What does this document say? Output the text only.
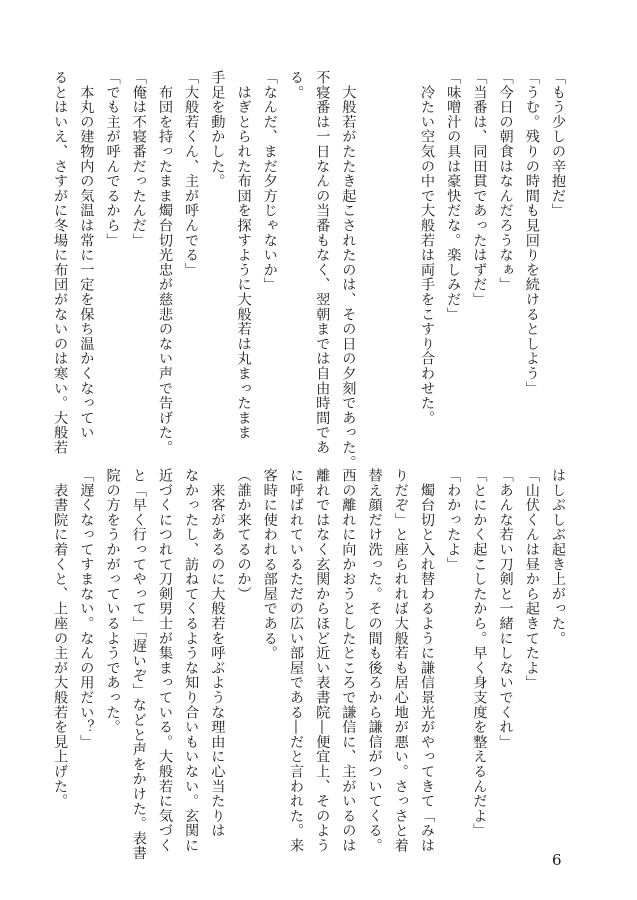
「もう少しの辛抱だ」
「うむ。残りの時間も見回りを続けるとしよう」
「今日の朝食はなんだろうなぁ」
「当番は、同田貫であったはずだ」
「味噌汁の具は豪快だな。楽しみだ」
　冷たい空気の中で大般若は両手をこすり合わせた。

　大般若がたたき起こされたのは、その日の夕刻であった。
不寝番は一日なんの当番もなく、翌朝までは自由時間であ
る。
「なんだ、まだ夕方じゃないか」
　はぎとられた布団を探すように大般若は丸まったまま
手足を動かした。
「大般若くん、主が呼んでる」
　布団を持ったまま燭台切光忠が慈悲のない声で告げた。
「俺は不寝番だったんだ」
「でも主が呼んでるから」
　本丸の建物内の気温は常に一定を保ち温かくなってい
るとはいえ、さすがに冬場に布団がないのは寒い。大般若
はしぶしぶ起き上がった。
「山伏くんは昼から起きてたよ」
「あんな若い刀剣と一緒にしないでくれ」
「とにかく起こしたから。早く身支度を整えるんだよ」
「わかったよ」
　燭台切と入れ替わるように謙信景光がやってきて「みは
りだぞ」と座られれば大般若も居心地が悪い。さっさと着
替え顔だけ洗った。その間も後ろから謙信がついてくる。
西の離れに向かおうとしたところで謙信に、主がいるのは
離れではなく玄関からほど近い表書院―便宜上、そのよう
に呼ばれているただの広い部屋である―だと言われた。来
客時に使われる部屋である。
（誰か来てるのか）
　来客があるのに大般若を呼ぶような理由に心当たりは
なかったし、訪ねてくるような知り合いもいない。玄関に
近づくにつれて刀剣男士が集まっている。大般若に気づく
と「早く行ってやって」「遅いぞ」などと声をかけた。表書
院の方をうかがっているようであった。
「遅くなってすまない。なんの用だい？」
　表書院に着くと、上座の主が大般若を見上げた。
6
